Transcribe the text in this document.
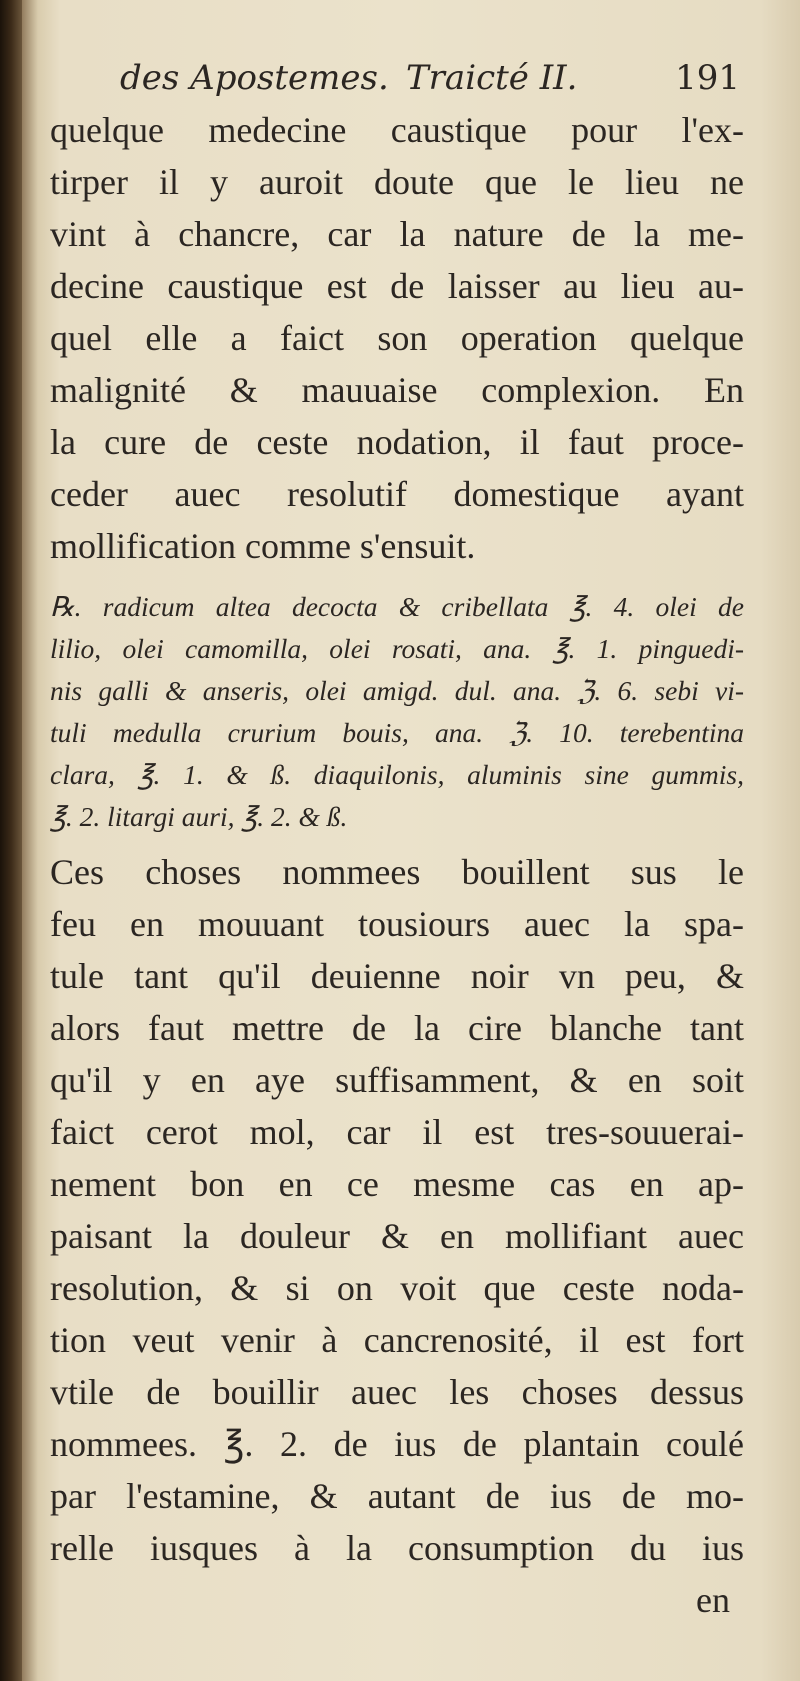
des Apostemes. Traicté II.	191
quelque medecine caustique pour l'ex-
tirper il y auroit doute que le lieu ne
vint à chancre, car la nature de la me-
decine caustique est de laisser au lieu au-
quel elle a faict son operation quelque
malignité & mauuaise complexion. En
la cure de ceste nodation, il faut proce-
ceder auec resolutif domestique ayant
mollification comme s'ensuit.
℞. radicum altea decocta & cribellata ℥. 4. olei de
lilio, olei camomilla, olei rosati, ana. ℥. 1. pinguedi-
nis galli & anseris, olei amigd. dul. ana. ℨ. 6. sebi vi-
tuli medulla crurium bouis, ana. ℨ. 10. terebentina
clara, ℥. 1. & ß. diaquilonis, aluminis sine gummis,
℥. 2. litargi auri, ℥. 2. & ß.
Ces choses nommees bouillent sus le
feu en mouuant tousiours auec la spa-
tule tant qu'il deuienne noir vn peu, &
alors faut mettre de la cire blanche tant
qu'il y en aye suffisamment, & en soit
faict cerot mol, car il est tres-souuerai-
nement bon en ce mesme cas en ap-
paisant la douleur & en mollifiant auec
resolution, & si on voit que ceste noda-
tion veut venir à cancrenosité, il est fort
vtile de bouillir auec les choses dessus
nommees. ℥. 2. de ius de plantain coulé
par l'estamine, & autant de ius de mo-
relle iusques à la consumption du ius
en
